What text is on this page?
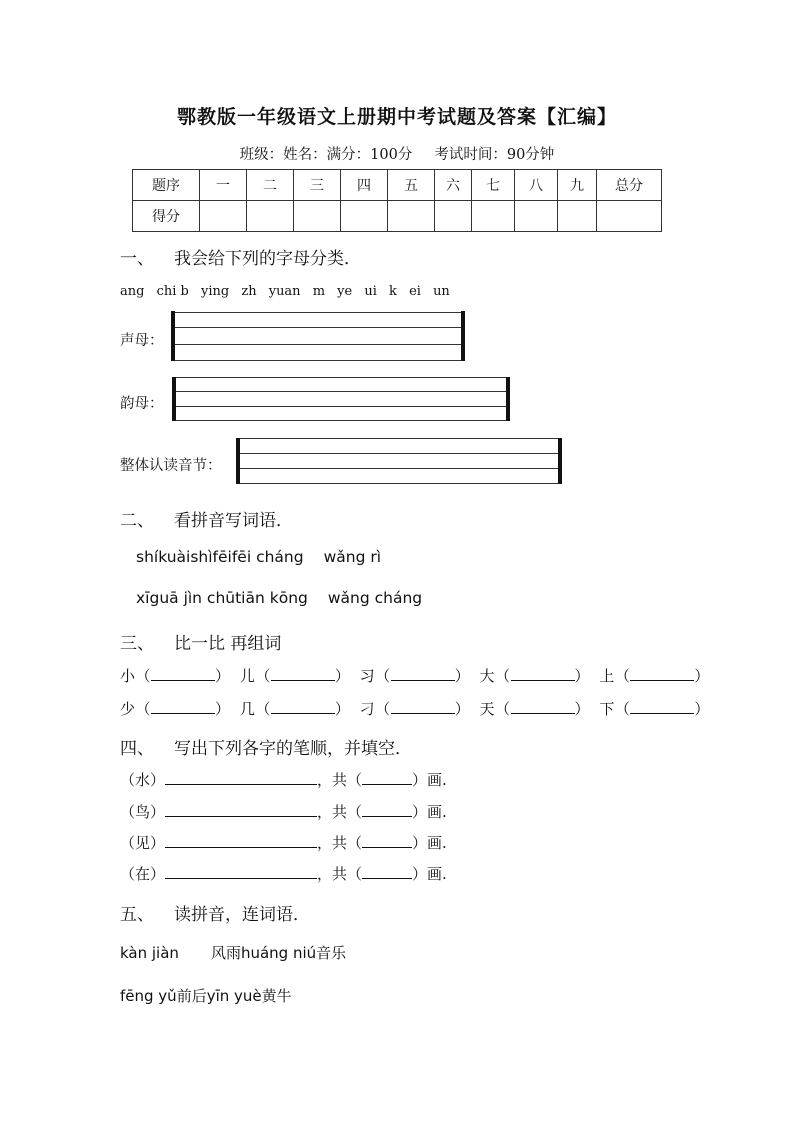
鄂教版一年级语文上册期中考试题及答案【汇编】
班级：姓名：满分：100分 考试时间：90分钟
题序	一	二	三	四	五	六	七	八	九	总分
得分										
一、 我会给下列的字母分类．
ang chi b ying zh yuan m ye ui k ei un
声母：
韵母：
整体认读音节：
二、 看拼音写词语．
shíkuàishìfēifēi cháng wǎng rì
xīguā jìn chūtiān kōng wǎng cháng
三、 比一比 再组词
小（	） 儿（	） 习（	） 大（	） 上（	）
少（	） 几（	） 刁（	） 天（	） 下（	）
四、 写出下列各字的笔顺，并填空．
（水）	，共（	）画.
（鸟）	，共（	）画.
（见）	，共（	）画.
（在）	，共（	）画.
五、 读拼音，连词语．
kàn jiàn 风雨huáng niú音乐
fēng yǔ前后yīn yuè黄牛
